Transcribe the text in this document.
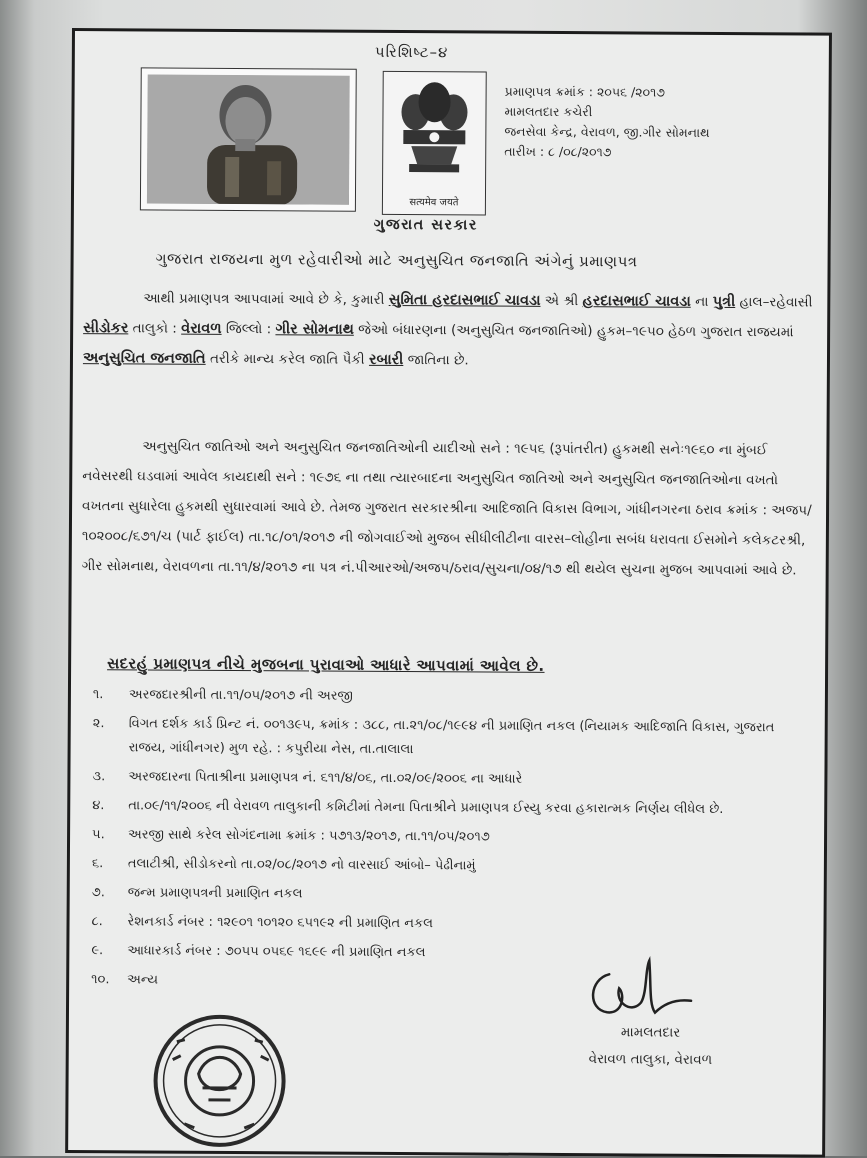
પરિશિષ્ટ–૪
सत्यमेव जयते
ગુજરાત સરકાર
પ્રમાણપત્ર ક્રમાંક : ૨૦૫૬ /૨૦૧૭
મામલતદાર કચેરી
જનસેવા કેન્દ્ર, વેરાવળ, જી.ગીર સોમનાથ
તારીખ : ૮ /૦૮/૨૦૧૭
ગુજરાત રાજયના મુળ રહેવારીઓ માટે અનુસુચિત જનજાતિ અંગેનું પ્રમાણપત્ર
આથી પ્રમાણપત્ર આપવામાં આવે છે કે, કુમારી સુમિતા હરદાસભાઈ ચાવડા એ શ્રી હરદાસભાઈ ચાવડા ના પુત્રી હાલ–રહેવાસી સીડોકર તાલુકો : વેરાવળ જિલ્લો : ગીર સોમનાથ જેઓ બંધારણના (અનુસુચિત જનજાતિઓ) હુકમ–૧૯૫૦ હેઠળ ગુજરાત રાજયમાં અનુસુચિત જનજાતિ તરીકે માન્ય કરેલ જાતિ પૈકી રબારી જાતિના છે.
અનુસુચિત જાતિઓ અને અનુસુચિત જનજાતિઓની યાદીઓ સને : ૧૯૫૬ (રૂપાંતરીત) હુકમથી સનેઃ૧૯૬૦ ના મુંબઈ નવેસરથી ઘડવામાં આવેલ કાયદાથી સને : ૧૯૭૬ ના તથા ત્યારબાદના અનુસુચિત જાતિઓ અને અનુસુચિત જનજાતિઓના વખતો વખતના સુધારેલા હુકમથી સુધારવામાં આવે છે. તેમજ ગુજરાત સરકારશ્રીના આદિજાતિ વિકાસ વિભાગ, ગાંધીનગરના ઠરાવ ક્રમાંક : અજપ/૧૦૨૦૦૮/૬૭૧/ચ (પાર્ટ ફાઈલ) તા.૧૮/૦૧/૨૦૧૭ ની જોગવાઈઓ મુજબ સીધીલીટીના વારસ–લોહીના સબંધ ધરાવતા ઈસમોને કલેકટરશ્રી, ગીર સોમનાથ, વેરાવળના તા.૧૧/૪/૨૦૧૭ ના પત્ર નં.પીઆરઓ/અજપ/ઠરાવ/સુચના/૦૪/૧૭ થી થયેલ સુચના મુજબ આપવામાં આવે છે.
સદરહું પ્રમાણપત્ર નીચે મુજબના પુરાવાઓ આધારે આપવામાં આવેલ છે.
૧.	અરજદારશ્રીની તા.૧૧/૦૫/૨૦૧૭ ની અરજી
૨.	વિગત દર્શક કાર્ડ પ્રિન્ટ નં. ૦૦૧૩૯૫, ક્રમાંક : ૩૮૮, તા.૨૧/૦૮/૧૯૯૪ ની પ્રમાણિત નકલ (નિયામક આદિજાતિ વિકાસ, ગુજરાત રાજય, ગાંધીનગર) મુળ રહે. : કપુરીયા નેસ, તા.તાલાલા
૩.	અરજદારના પિતાશ્રીના પ્રમાણપત્ર નં. ૬૧૧/૪/૦૬, તા.૦૨/૦૯/૨૦૦૬ ના આધારે
૪.	તા.૦૯/૧૧/૨૦૦૬ ની વેરાવળ તાલુકાની કમિટીમાં તેમના પિતાશ્રીને પ્રમાણપત્ર ઈસ્યુ કરવા હકારાત્મક નિર્ણય લીધેલ છે.
૫.	અરજી સાથે કરેલ સોગંદનામા ક્રમાંક : ૫૭૧૩/૨૦૧૭, તા.૧૧/૦૫/૨૦૧૭
૬.	તલાટીશ્રી, સીડોકરનો તા.૦૨/૦૮/૨૦૧૭ નો વારસાઈ આંબો– પેઢીનામું
૭.	જન્મ પ્રમાણપત્રની પ્રમાણિત નકલ
૮.	રેશનકાર્ડ નંબર : ૧૨૯૦૧ ૧૦૧૨૦ ૬૫૧૯૨ ની પ્રમાણિત નકલ
૯.	આધારકાર્ડ નંબર : ૭૦૫૫ ૦૫૬૯ ૧૬૯૯ ની પ્રમાણિત નકલ
૧૦.	અન્ય
મામલતદાર
વેરાવળ તાલુકા, વેરાવળ
